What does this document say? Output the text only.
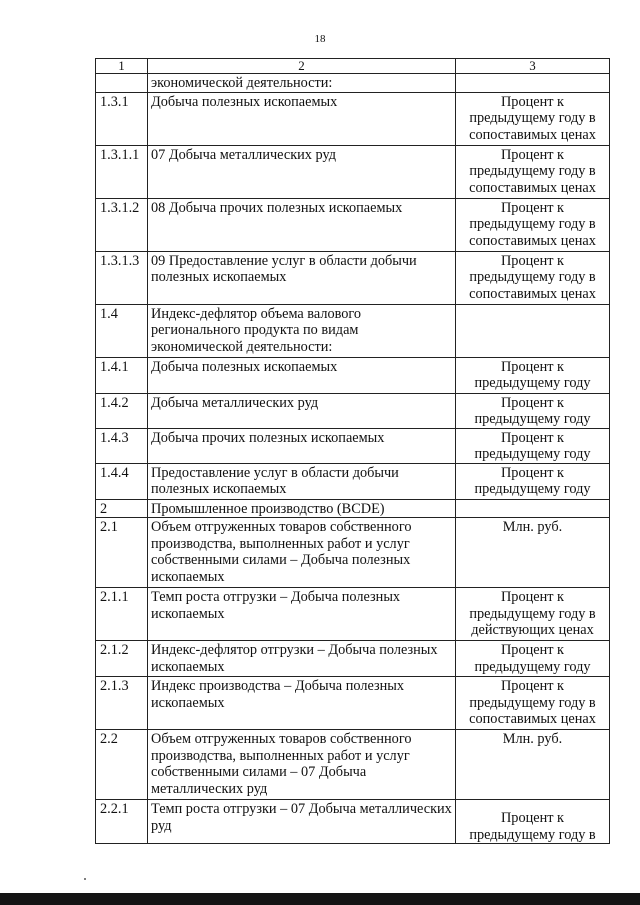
18
1	2	3
	экономической деятельности:	
1.3.1	Добыча полезных ископаемых	Процент к предыдущему году в сопоставимых ценах
1.3.1.1	07 Добыча металлических руд	Процент к предыдущему году в сопоставимых ценах
1.3.1.2	08 Добыча прочих полезных ископаемых	Процент к предыдущему году в сопоставимых ценах
1.3.1.3	09 Предоставление услуг в области добычи полезных ископаемых	Процент к предыдущему году в сопоставимых ценах
1.4	Индекс-дефлятор объема валового регионального продукта по видам экономической деятельности:	
1.4.1	Добыча полезных ископаемых	Процент к предыдущему году
1.4.2	Добыча металлических руд	Процент к предыдущему году
1.4.3	Добыча прочих полезных ископаемых	Процент к предыдущему году
1.4.4	Предоставление услуг в области добычи полезных ископаемых	Процент к предыдущему году
2	Промышленное производство (BCDE)	
2.1	Объем отгруженных товаров собственного производства, выполненных работ и услуг собственными силами – Добыча полезных ископаемых	Млн. руб.
2.1.1	Темп роста отгрузки – Добыча полезных ископаемых	Процент к предыдущему году в действующих ценах
2.1.2	Индекс-дефлятор отгрузки – Добыча полезных ископаемых	Процент к предыдущему году
2.1.3	Индекс производства – Добыча полезных ископаемых	Процент к предыдущему году в сопоставимых ценах
2.2	Объем отгруженных товаров собственного производства, выполненных работ и услуг собственными силами – 07 Добыча металлических руд	Млн. руб.
2.2.1	Темп роста отгрузки – 07 Добыча металлических руд	Процент к предыдущему году в
